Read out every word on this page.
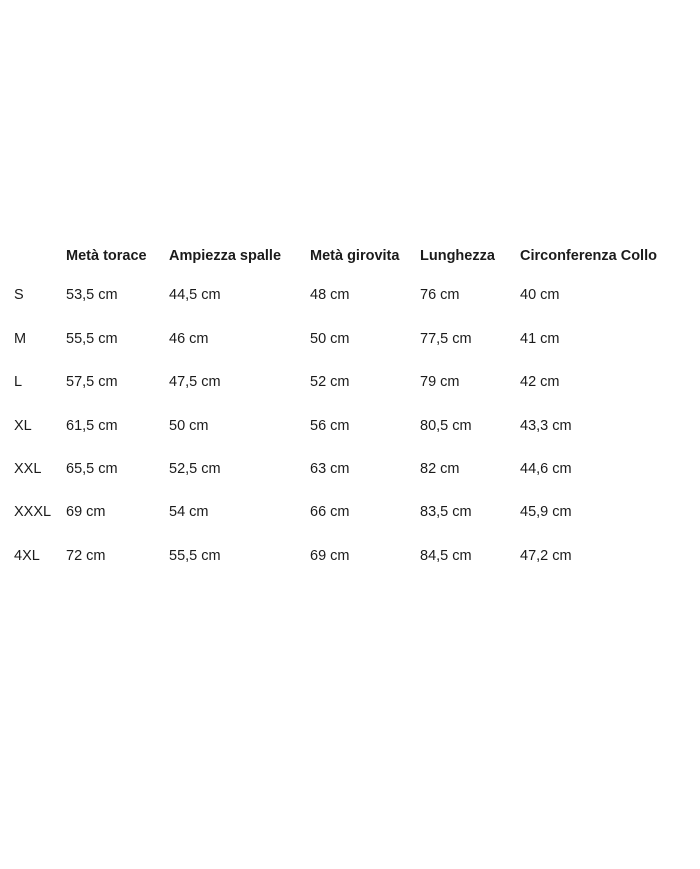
	Metà torace	Ampiezza spalle	Metà girovita	Lunghezza	Circonferenza Collo
S	53,5 cm	44,5 cm	48 cm	76 cm	40 cm
M	55,5 cm	46 cm	50 cm	77,5 cm	41 cm
L	57,5 cm	47,5 cm	52 cm	79 cm	42 cm
XL	61,5 cm	50 cm	56 cm	80,5 cm	43,3 cm
XXL	65,5 cm	52,5 cm	63 cm	82 cm	44,6 cm
XXXL	69 cm	54 cm	66 cm	83,5 cm	45,9 cm
4XL	72 cm	55,5 cm	69 cm	84,5 cm	47,2 cm
